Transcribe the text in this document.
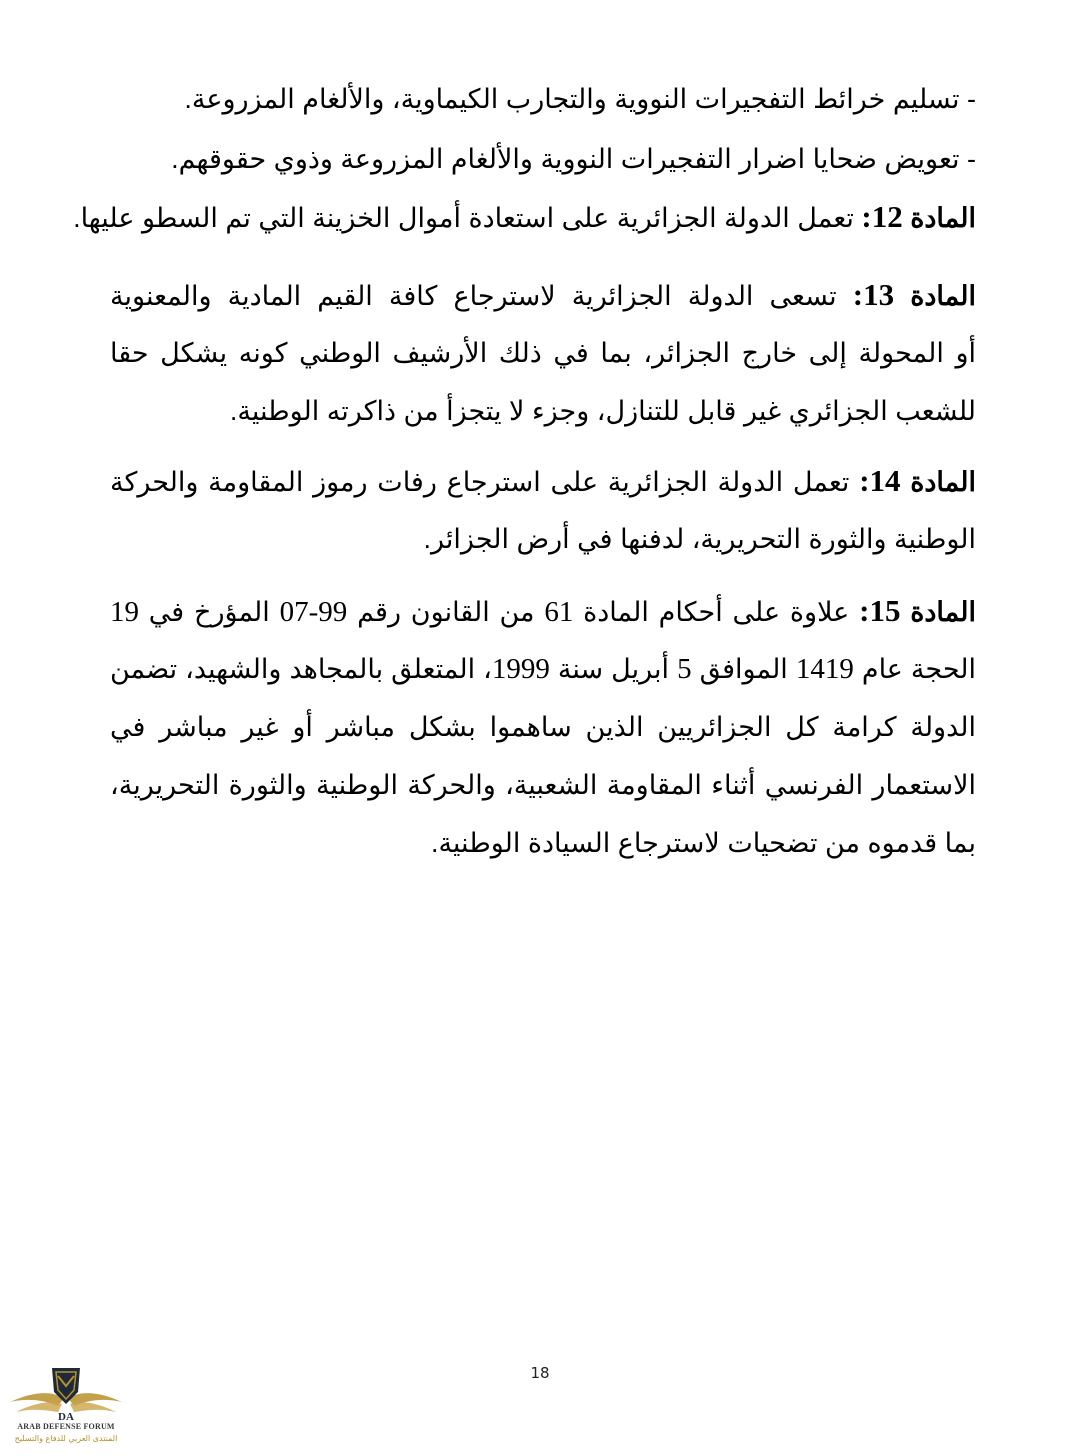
- تسليم خرائط التفجيرات النووية والتجارب الكيماوية، والألغام المزروعة.

- تعويض ضحايا اضرار التفجيرات النووية والألغام المزروعة وذوي حقوقهم.

المادة 12: تعمل الدولة الجزائرية على استعادة أموال الخزينة التي تم السطو عليها.

المادة 13: تسعى الدولة الجزائرية لاسترجاع كافة القيم المادية والمعنوية
أو المحولة إلى خارج الجزائر، بما في ذلك الأرشيف الوطني كونه يشكل حقا
للشعب الجزائري غير قابل للتنازل، وجزء لا يتجزأ من ذاكرته الوطنية.

المادة 14: تعمل الدولة الجزائرية على استرجاع رفات رموز المقاومة والحركة
الوطنية والثورة التحريرية، لدفنها في أرض الجزائر.

المادة 15: علاوة على أحكام المادة 61 من القانون رقم 99-07 المؤرخ في 19
الحجة عام 1419 الموافق 5 أبريل سنة 1999، المتعلق بالمجاهد والشهيد، تضمن
الدولة كرامة كل الجزائريين الذين ساهموا بشكل مباشر أو غير مباشر في
الاستعمار الفرنسي أثناء المقاومة الشعبية، والحركة الوطنية والثورة التحريرية،
بما قدموه من تضحيات لاسترجاع السيادة الوطنية.

18
DA
ARAB DEFENSE FORUM
المنتدى العربي للدفاع والتسليح
